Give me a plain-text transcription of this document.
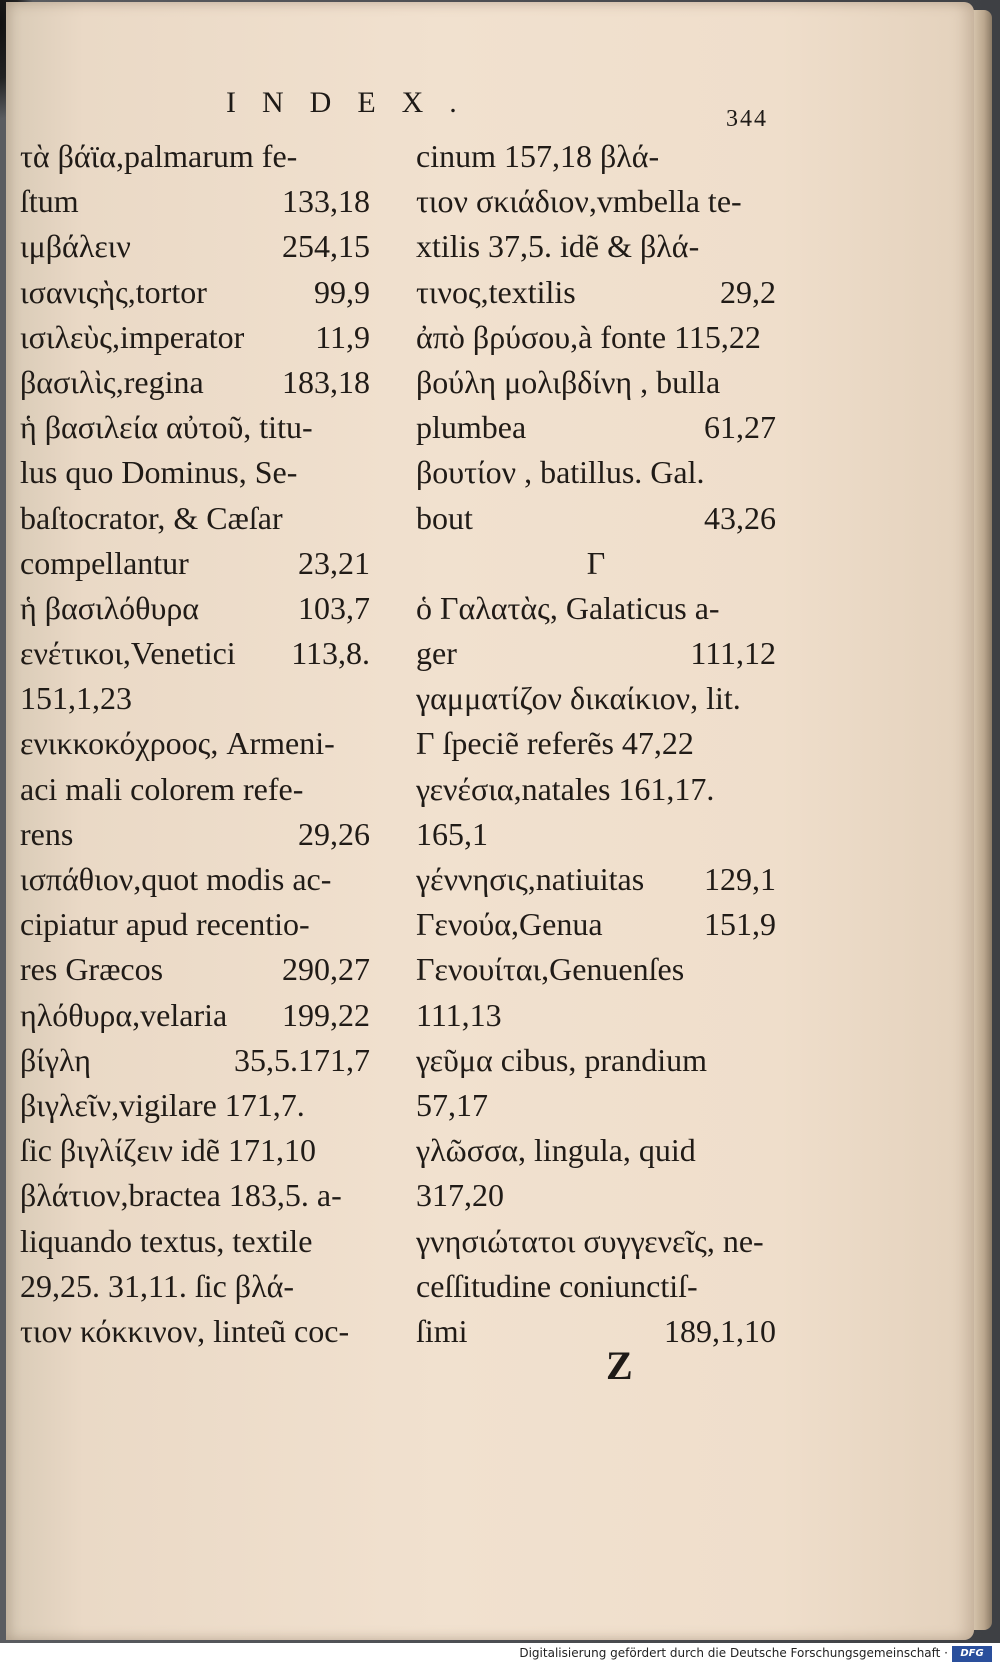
INDEX.	344
τὰ βάϊα,palmarum fe-
ſtum	133,18
ιμβάλειν	254,15
ισανιςὴς,tortor	99,9
ισιλεὺς,imperator 11,9
βασιλὶς,regina 183,18
ἡ βασιλεία αὐτοῦ, titu-
lus quo Dominus, Se-
baſtocrator, & Cæſar
compellantur	23,21
ἡ βασιλόθυρα	103,7
ενέτικοι,Venetici 113,8.
151,1,23
ενικκοκόχρoος, Armeni-
aci mali colorem refe-
rens	29,26
ισπάθιον,quot modis ac-
cipiatur apud recentio-
res Græcos	290,27
ηλόθυρα,velaria 199,22
βίγλη	35,5.171,7
βιγλεῖν,vigilare 171,7.
ſic βιγλίζειν idẽ 171,10
βλάτιον,bractea 183,5. a-
liquando textus, textile
29,25. 31,11. ſic βλά-
τιον κόκκινον, linteũ coc-
cinum 157,18 βλά-
τιον σκιάδιον,vmbella te-
xtilis 37,5. idẽ & βλά-
τινος,textilis	29,2
ἀπὸ βρύσου,à fonte 115,22
βούλη μολιβδίνη , bulla
plumbea	61,27
βουτίον , batillus. Gal.
bout	43,26
Γ
ὁ Γαλατὰς, Galaticus a-
ger	111,12
γαμματίζον δικαίκιον, lit.
Γ ſpeciẽ referẽs 47,22
γενέσια,natales 161,17.
165,1
γέννησις,natiuitas 129,1
Γενούα,Genua	151,9
Γενουίται,Genuenſes
111,13
γεῦμα cibus, prandium
57,17
γλῶσσα, lingula, quid
317,20
γνησιώτατοι συγγενεῖς, ne-
ceſſitudine coniunctiſ-
ſimi	189,1,10
Z
Digitalisierung gefördert durch die Deutsche Forschungsgemeinschaft ·	DFG
